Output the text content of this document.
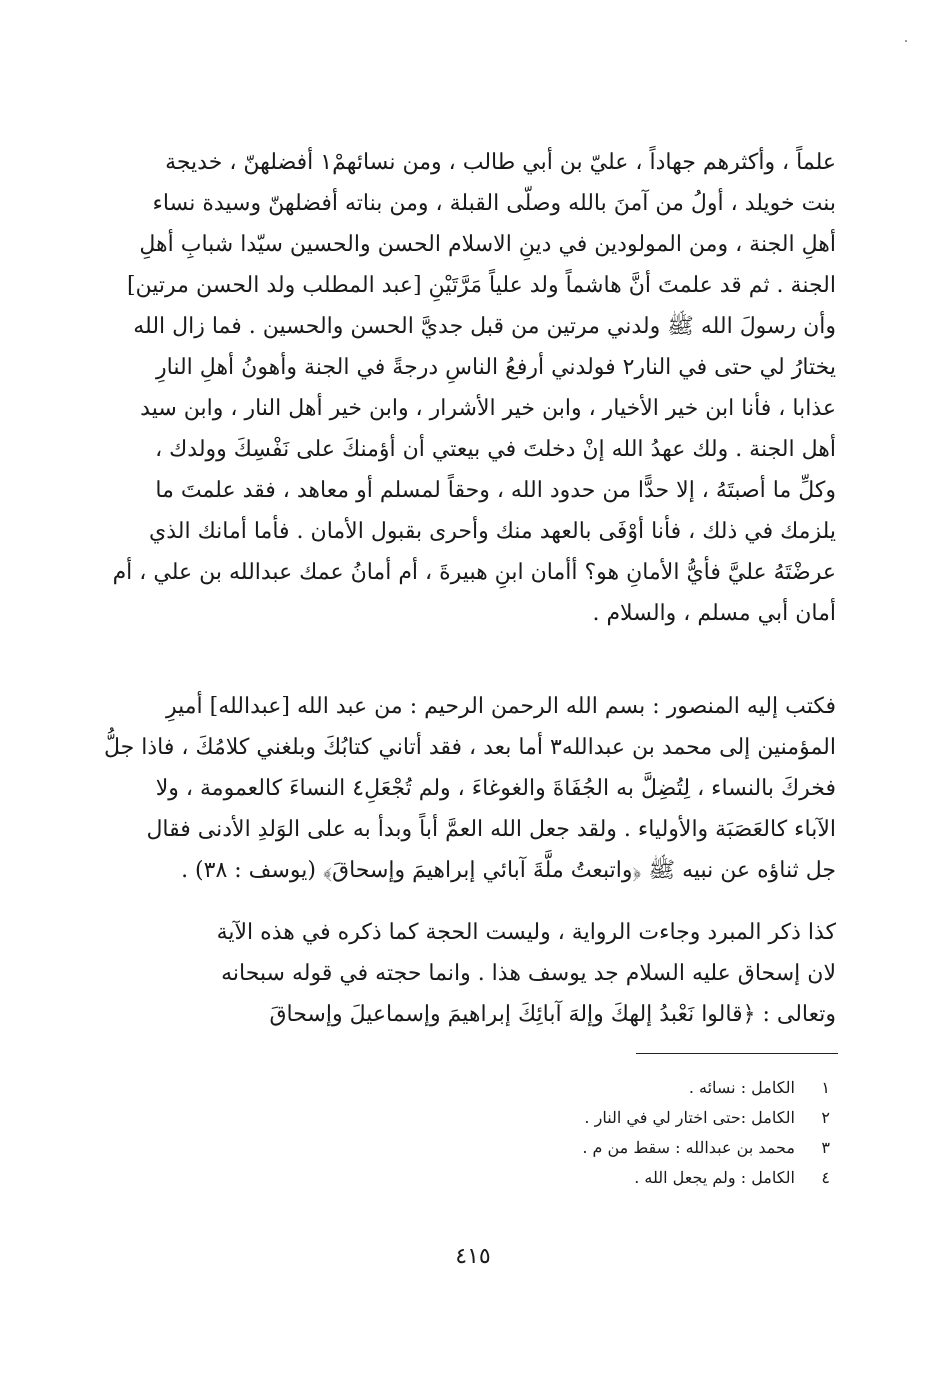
علماً ، وأكثرهم جهاداً ، عليّ بن أبي طالب ، ومن نسائهمْ١ أفضلهنّ ، خديجة
بنت خويلد ، أولُ من آمنَ بالله وصلّى القبلة ، ومن بناته أفضلهنّ وسيدة نساء
أهلِ الجنة ، ومن المولودين في دينِ الاسلام الحسن والحسين سيّدا شبابِ أهلِ
الجنة . ثم قد علمتَ أنَّ هاشماً ولد علياً مَرَّتَيْنِ [عبد المطلب ولد الحسن مرتين]
وأن رسولَ الله ﷺ ولدني مرتين من قبل جديَّ الحسن والحسين . فما زال الله
يختارُ لي حتى في النار٢ فولدني أرفعُ الناسِ درجةً في الجنة وأهونُ أهلِ النارِ
عذابا ، فأنا ابن خير الأخيار ، وابن خير الأشرار ، وابن خير أهل النار ، وابن سيد
أهل الجنة . ولك عهدُ الله إنْ دخلتَ في بيعتي أن أؤمنكَ على نَفْسِكَ وولدك ،
وكلِّ ما أصبتَهُ ، إلا حدًّا من حدود الله ، وحقاً لمسلم أو معاهد ، فقد علمتَ ما
يلزمك في ذلك ، فأنا أوْفَى بالعهد منك وأحرى بقبول الأمان . فأما أمانك الذي
عرضْتَهُ عليَّ فأيُّ الأمانِ هو؟ أأمان ابنِ هبيرةَ ، أم أمانُ عمك عبدالله بن علي ، أم
أمان أبي مسلم ، والسلام .
فكتب إليه المنصور : بسم الله الرحمن الرحيم : من عبد الله [عبدالله] أميرِ
المؤمنين إلى محمد بن عبدالله٣ أما بعد ، فقد أتاني كتابُكَ وبلغني كلامُكَ ، فاذا جلُّ
فخركَ بالنساء ، لِتُضِلَّ به الجُفَاةَ والغوغاءَ ، ولم تُجْعَلِ٤ النساءَ كالعمومة ، ولا
الآباء كالعَصَبَة والأولياء . ولقد جعل الله العمَّ أباً وبدأ به على الوَلدِ الأدنى فقال
جل ثناؤه عن نبيه ﷺ ﴿واتبعتُ ملَّةَ آبائي إبراهيمَ وإسحاقَ﴾ (يوسف : ٣٨) .
كذا ذكر المبرد وجاءت الرواية ، وليست الحجة كما ذكره في هذه الآية
لان إسحاق عليه السلام جد يوسف هذا . وانما حجته في قوله سبحانه
وتعالى : ﴿قالوا نَعْبدُ إلهكَ وإلهَ آبائِكَ إبراهيمَ وإسماعيلَ وإسحاقَ
١ الكامل : نسائه .
٢ الكامل :حتى اختار لي في النار .
٣ محمد بن عبدالله : سقط من م .
٤ الكامل : ولم يجعل الله .
٤١٥
